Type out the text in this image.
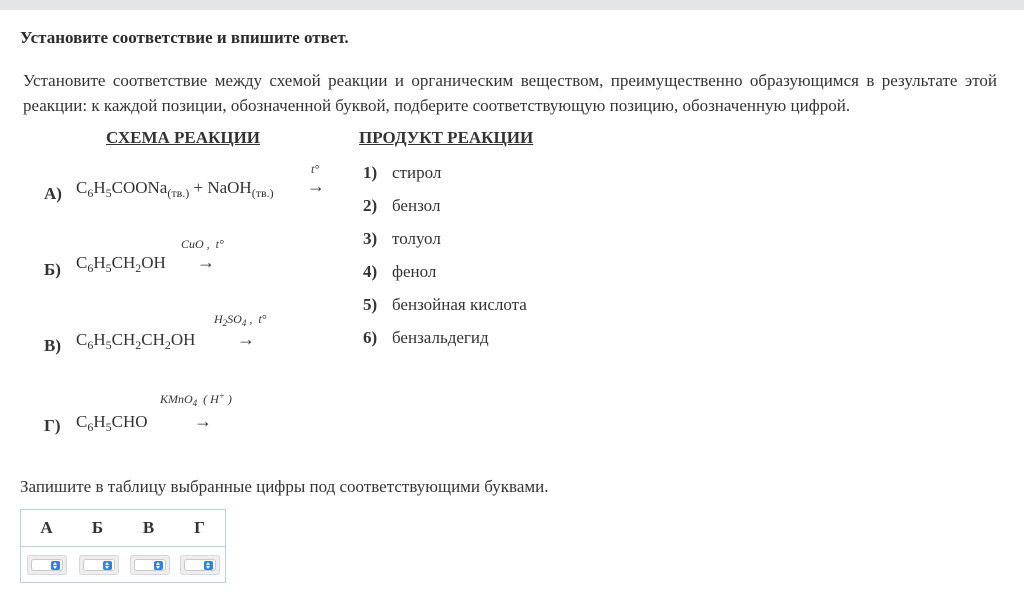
Установите соответствие и впишите ответ.
Установите соответствие между схемой реакции и органическим веществом, преимущественно образующимся в результате этой реакции: к каждой позиции, обозначенной буквой, подберите соответствующую позицию, обозначенную цифрой.
СХЕМА РЕАКЦИИ	ПРОДУКТ РЕАКЦИИ
А) $C_6H_5COONa_{(тв.)}$ + NaOH$_{(тв.)}$
t°
→
Б) $C_6H_5CH_2OH$
CuO ,  t°
→
В) $C_6H_5CH_2CH_2OH$
$H_2SO_4$ ,  t°
→
Г) $C_6H_5CHO$
KMnO$_4$  ( H+ )
→
1) стирол
2) бензол
3) толуол
4) фенол
5) бензойная кислота
6) бензальдегид
Запишите в таблицу выбранные цифры под соответствующими буквами.
А	Б	В	Г
